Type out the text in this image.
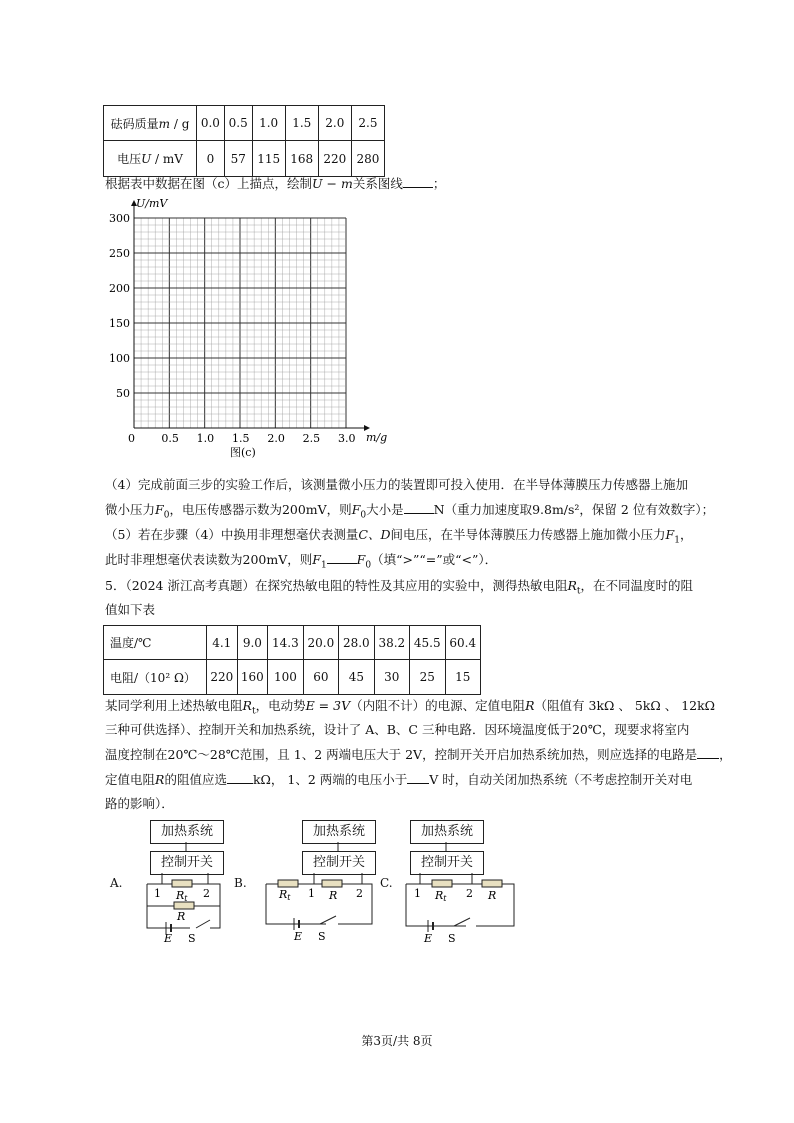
砝码质量m / g	0.0	0.5	1.0	1.5	2.0	2.5
电压U / mV	0	57	115	168	220	280
根据表中数据在图（c）上描点，绘制U − m关系图线 ；
0 0.5 1.0 1.5 2.0 2.5 3.0
50
100
150
200
250
300
U/mV
m/g
图(c)
（4）完成前面三步的实验工作后，该测量微小压力的装置即可投入使用．在半导体薄膜压力传感器上施加
微小压力$F_0$，电压传感器示数为200mV，则$F_0$大小是 N（重力加速度取9.8m/s²，保留 2 位有效数字）；
（5）若在步骤（4）中换用非理想毫伏表测量C、D间电压，在半导体薄膜压力传感器上施加微小压力$F_1$，
此时非理想毫伏表读数为200mV，则$F_1$ $F_0$（填“>”“=”或“<”）．
5．（2024 浙江高考真题）在探究热敏电阻的特性及其应用的实验中，测得热敏电阻$R_t$，在不同温度时的阻
值如下表
温度/℃	4.1	9.0	14.3	20.0	28.0	38.2	45.5	60.4
电阻/（10² Ω）	220	160	100	60	45	30	25	15
某同学利用上述热敏电阻$R_t$，电动势E = 3V（内阻不计）的电源、定值电阻R（阻值有 3kΩ 、 5kΩ 、 12kΩ
三种可供选择）、控制开关和加热系统，设计了 A、B、C 三种电路．因环境温度低于20℃，现要求将室内
温度控制在20℃～28℃范围，且 1、2 两端电压大于 2V，控制开关开启加热系统加热，则应选择的电路是 ，
定值电阻R的阻值应选 kΩ， 1、2 两端的电压小于 V 时，自动关闭加热系统（不考虑控制开关对电
路的影响）．
A.
加热系统
控制开关
1	2
Rt
R
E S
B.
加热系统
控制开关
Rt 1 R 2
E S
C.
加热系统
控制开关
1 Rt 2 R
E S
第3页/共 8页
